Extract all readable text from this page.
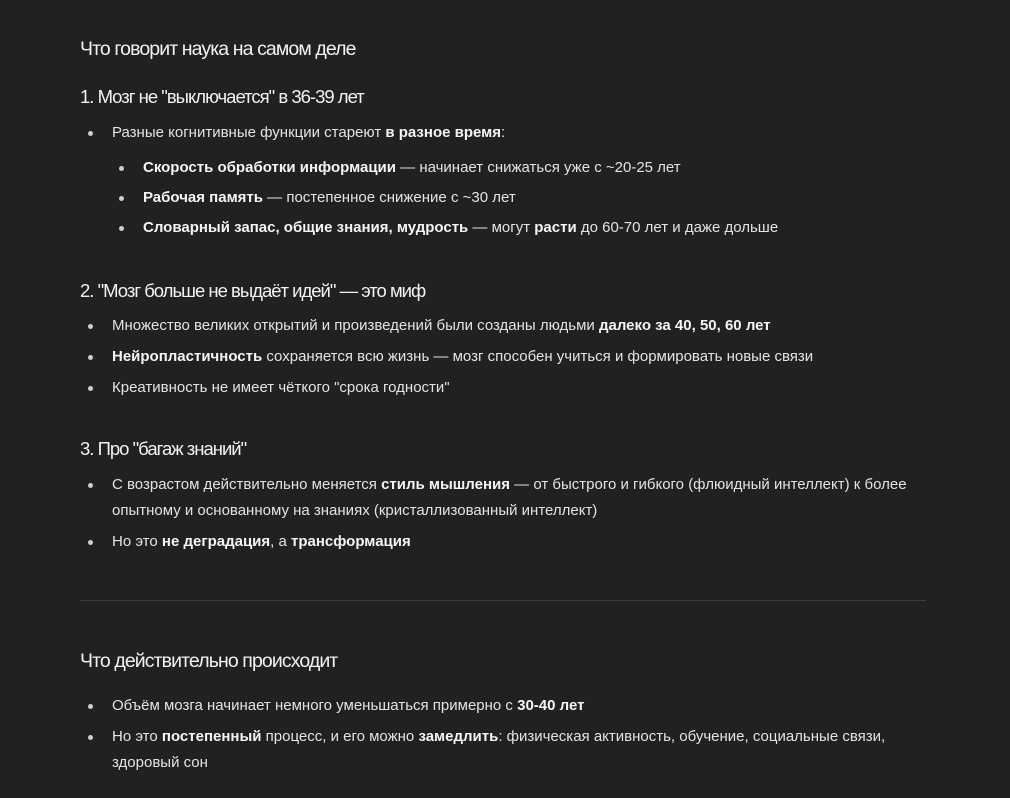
Что говорит наука на самом деле
1. Мозг не "выключается" в 36-39 лет
Разные когнитивные функции стареют в разное время:
Скорость обработки информации — начинает снижаться уже с ~20-25 лет
Рабочая память — постепенное снижение с ~30 лет
Словарный запас, общие знания, мудрость — могут расти до 60-70 лет и даже дольше
2. "Мозг больше не выдаёт идей" — это миф
Множество великих открытий и произведений были созданы людьми далеко за 40, 50, 60 лет
Нейропластичность сохраняется всю жизнь — мозг способен учиться и формировать новые связи
Креативность не имеет чёткого "срока годности"
3. Про "багаж знаний"
С возрастом действительно меняется стиль мышления — от быстрого и гибкого (флюидный интеллект) к более опытному и основанному на знаниях (кристаллизованный интеллект)
Но это не деградация, а трансформация
Что действительно происходит
Объём мозга начинает немного уменьшаться примерно с 30-40 лет
Но это постепенный процесс, и его можно замедлить: физическая активность, обучение, социальные связи, здоровый сон
